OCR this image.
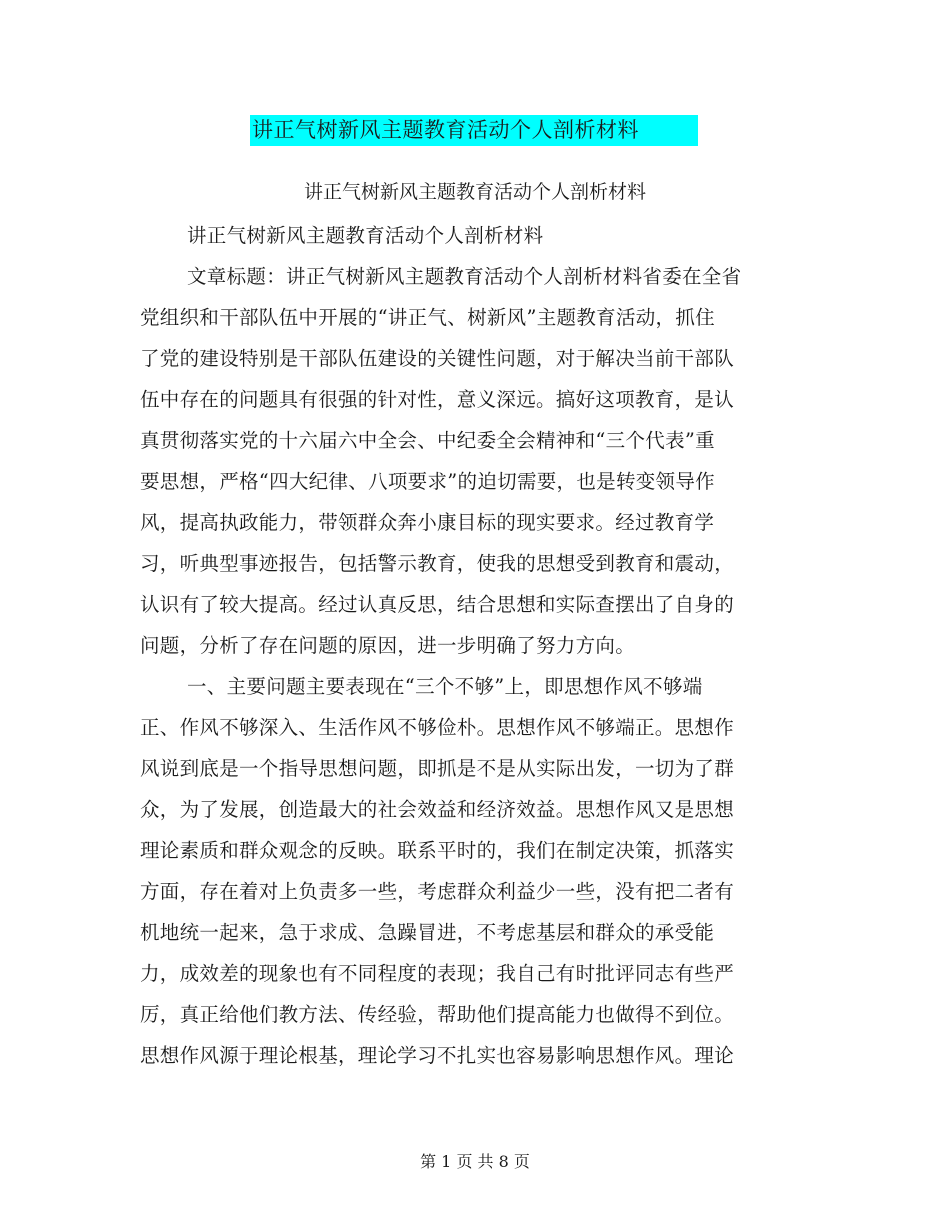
讲正气树新风主题教育活动个人剖析材料
讲正气树新风主题教育活动个人剖析材料
讲正气树新风主题教育活动个人剖析材料
文章标题：讲正气树新风主题教育活动个人剖析材料省委在全省
党组织和干部队伍中开展的“讲正气、树新风”主题教育活动，抓住
了党的建设特别是干部队伍建设的关键性问题，对于解决当前干部队
伍中存在的问题具有很强的针对性，意义深远。搞好这项教育，是认
真贯彻落实党的十六届六中全会、中纪委全会精神和“三个代表”重
要思想，严格“四大纪律、八项要求”的迫切需要，也是转变领导作
风，提高执政能力，带领群众奔小康目标的现实要求。经过教育学
习，听典型事迹报告，包括警示教育，使我的思想受到教育和震动，
认识有了较大提高。经过认真反思，结合思想和实际查摆出了自身的
问题，分析了存在问题的原因，进一步明确了努力方向。
一、主要问题主要表现在“三个不够”上，即思想作风不够端
正、作风不够深入、生活作风不够俭朴。思想作风不够端正。思想作
风说到底是一个指导思想问题，即抓是不是从实际出发，一切为了群
众，为了发展，创造最大的社会效益和经济效益。思想作风又是思想
理论素质和群众观念的反映。联系平时的，我们在制定决策，抓落实
方面，存在着对上负责多一些，考虑群众利益少一些，没有把二者有
机地统一起来，急于求成、急躁冒进，不考虑基层和群众的承受能
力，成效差的现象也有不同程度的表现；我自己有时批评同志有些严
厉，真正给他们教方法、传经验，帮助他们提高能力也做得不到位。
思想作风源于理论根基，理论学习不扎实也容易影响思想作风。理论
第 1 页 共 8 页
